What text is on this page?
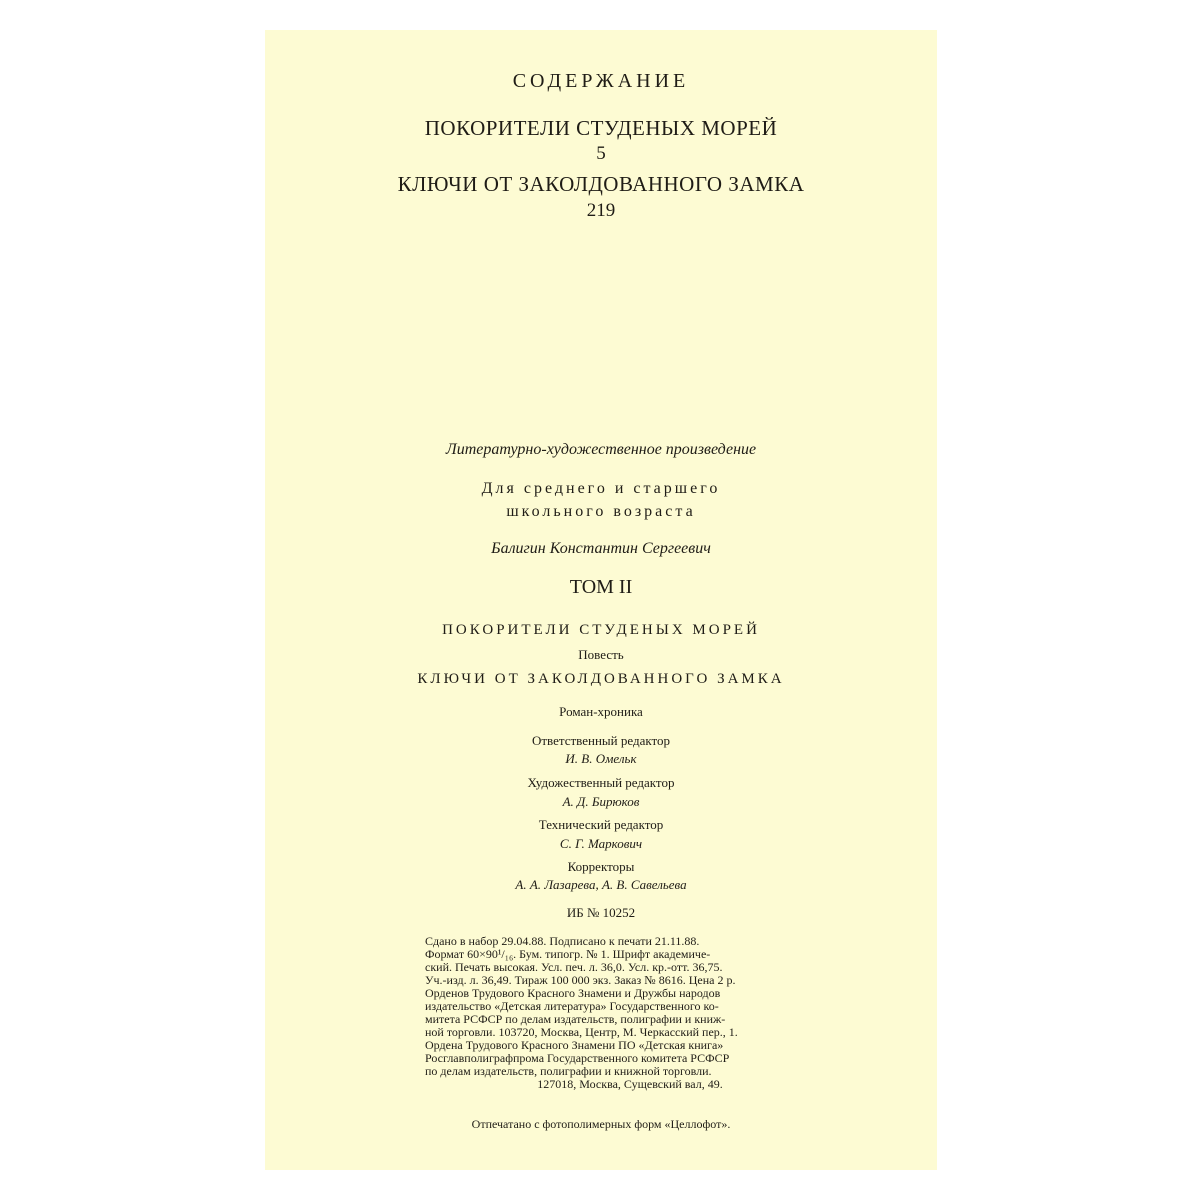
СОДЕРЖАНИЕ
ПОКОРИТЕЛИ СТУДЕНЫХ МОРЕЙ
5
КЛЮЧИ ОТ ЗАКОЛДОВАННОГО ЗАМКА
219
Литературно-художественное произведение
Для среднего и старшего
школьного возраста
Балигин Константин Сергеевич
ТОМ II
ПОКОРИТЕЛИ СТУДЕНЫХ МОРЕЙ
Повесть
КЛЮЧИ ОТ ЗАКОЛДОВАННОГО ЗАМКА
Роман-хроника
Ответственный редактор
И. В. Омельк
Художественный редактор
А. Д. Бирюков
Технический редактор
С. Г. Маркович
Корректоры
А. А. Лазарева, А. В. Савельева
ИБ № 10252
Сдано в набор 29.04.88. Подписано к печати 21.11.88.
Формат 60×90¹/₁₆. Бум. типогр. № 1. Шрифт академиче-
ский. Печать высокая. Усл. печ. л. 36,0. Усл. кр.-отт. 36,75.
Уч.-изд. л. 36,49. Тираж 100 000 экз. Заказ № 8616. Цена 2 р.
Орденов Трудового Красного Знамени и Дружбы народов
издательство «Детская литература» Государственного ко-
митета РСФСР по делам издательств, полиграфии и книж-
ной торговли. 103720, Москва, Центр, М. Черкасский пер., 1.
Ордена Трудового Красного Знамени ПО «Детская книга»
Росглавполиграфпрома Государственного комитета РСФСР
по делам издательств, полиграфии и книжной торговли.
127018, Москва, Сущевский вал, 49.
Отпечатано с фотополимерных форм «Целлофот».
